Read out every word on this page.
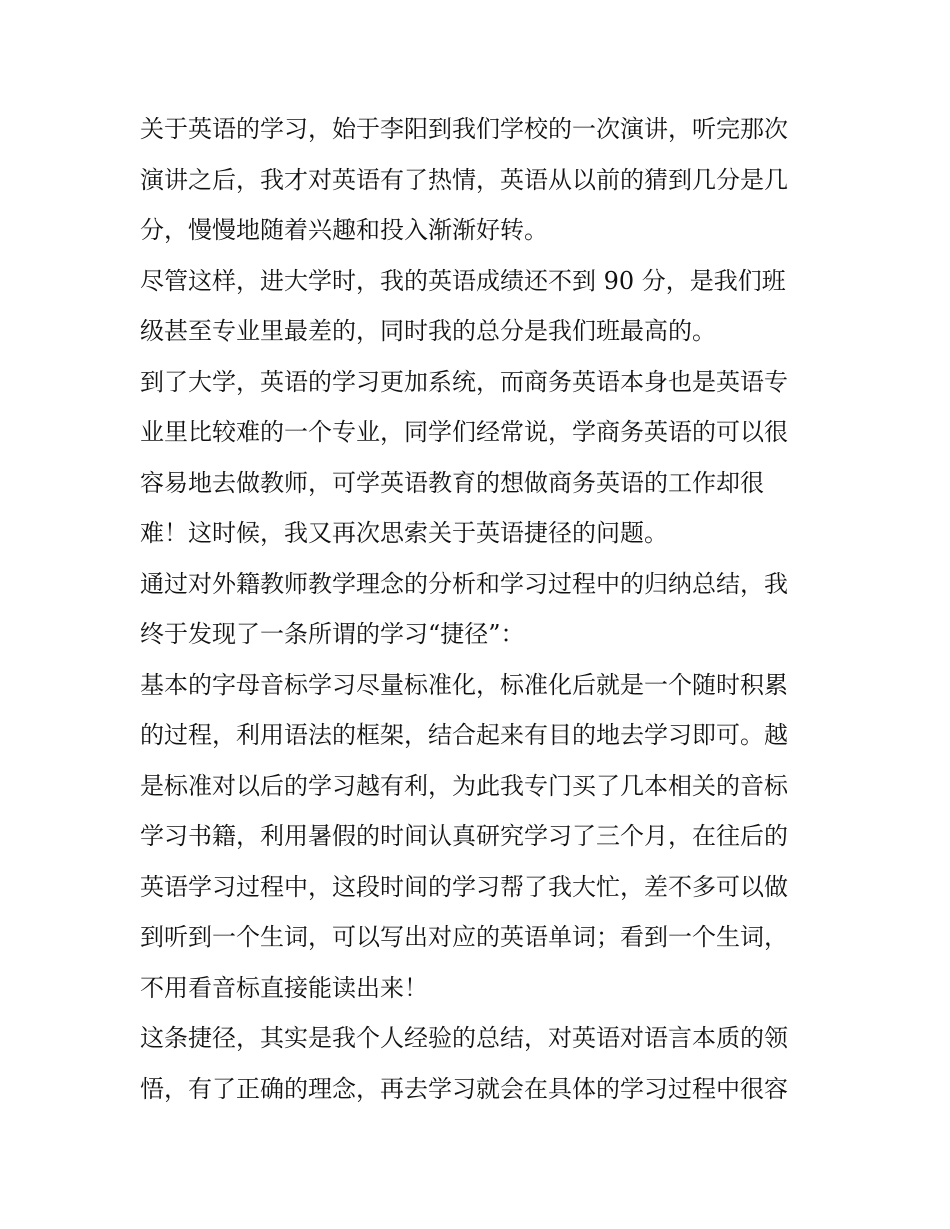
关于英语的学习，始于李阳到我们学校的一次演讲，听完那次
演讲之后，我才对英语有了热情，英语从以前的猜到几分是几
分，慢慢地随着兴趣和投入渐渐好转。

尽管这样，进大学时，我的英语成绩还不到 90 分，是我们班
级甚至专业里最差的，同时我的总分是我们班最高的。

到了大学，英语的学习更加系统，而商务英语本身也是英语专
业里比较难的一个专业，同学们经常说，学商务英语的可以很
容易地去做教师，可学英语教育的想做商务英语的工作却很
难！这时候，我又再次思索关于英语捷径的问题。

通过对外籍教师教学理念的分析和学习过程中的归纳总结，我
终于发现了一条所谓的学习“捷径”：

基本的字母音标学习尽量标准化，标准化后就是一个随时积累
的过程，利用语法的框架，结合起来有目的地去学习即可。越
是标准对以后的学习越有利，为此我专门买了几本相关的音标
学习书籍，利用暑假的时间认真研究学习了三个月，在往后的
英语学习过程中，这段时间的学习帮了我大忙，差不多可以做
到听到一个生词，可以写出对应的英语单词；看到一个生词，
不用看音标直接能读出来！

这条捷径，其实是我个人经验的总结，对英语对语言本质的领
悟，有了正确的理念，再去学习就会在具体的学习过程中很容
